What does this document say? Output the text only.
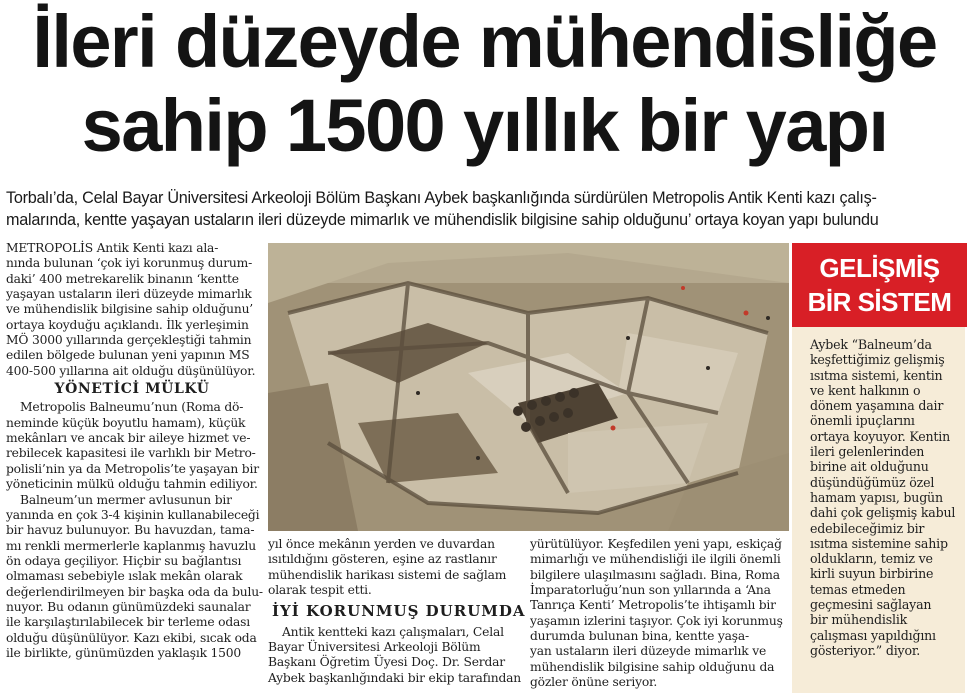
İleri düzeyde mühendisliğe
sahip 1500 yıllık bir yapı
Torbalı’da, Celal Bayar Üniversitesi Arkeoloji Bölüm Başkanı Aybek başkanlığında sürdürülen Metropolis Antik Kenti kazı çalış-
malarında, kentte yaşayan ustaların ileri düzeyde mimarlık ve mühendislik bilgisine sahip olduğunu’ ortaya koyan yapı bulundu

METROPOLİS Antik Kenti kazı ala-

nında bulunan ‘çok iyi korunmuş durum-

daki’ 400 metrekarelik binanın ‘kentte

yaşayan ustaların ileri düzeyde mimarlık

ve mühendislik bilgisine sahip olduğunu’

ortaya koyduğu açıklandı. İlk yerleşimin

MÖ 3000 yıllarında gerçekleştiği tahmin

edilen bölgede bulunan yeni yapının MS

400-500 yıllarına ait olduğu düşünülüyor.

YÖNETİCİ MÜLKÜ

Metropolis Balneumu’nun (Roma dö-

neminde küçük boyutlu hamam), küçük

mekânları ve ancak bir aileye hizmet ve-

rebilecek kapasitesi ile varlıklı bir Metro-

polisli’nin ya da Metropolis’te yaşayan bir

yöneticinin mülkü olduğu tahmin ediliyor.

Balneum’un mermer avlusunun bir

yanında en çok 3-4 kişinin kullanabileceği

bir havuz bulunuyor. Bu havuzdan, tama-

mı renkli mermerlerle kaplanmış havuzlu

ön odaya geçiliyor. Hiçbir su bağlantısı

olmaması sebebiyle ıslak mekân olarak

değerlendirilmeyen bir başka oda da bulu-

nuyor. Bu odanın günümüzdeki saunalar

ile karşılaştırılabilecek bir terleme odası

olduğu düşünülüyor. Kazı ekibi, sıcak oda

ile birlikte, günümüzden yaklaşık 1500

yıl önce mekânın yerden ve duvardan

ısıtıldığını gösteren, eşine az rastlanır

mühendislik harikası sistemi de sağlam

olarak tespit etti.

İYİ KORUNMUŞ DURUMDA

Antik kentteki kazı çalışmaları, Celal

Bayar Üniversitesi Arkeoloji Bölüm

Başkanı Öğretim Üyesi Doç. Dr. Serdar

Aybek başkanlığındaki bir ekip tarafından

yürütülüyor. Keşfedilen yeni yapı, eskiçağ

mimarlığı ve mühendisliği ile ilgili önemli

bilgilere ulaşılmasını sağladı. Bina, Roma

İmparatorluğu’nun son yıllarında a ‘Ana

Tanrıça Kenti’ Metropolis’te ihtişamlı bir

yaşamın izlerini taşıyor. Çok iyi korunmuş

durumda bulunan bina, kentte yaşa-

yan ustaların ileri düzeyde mimarlık ve

mühendislik bilgisine sahip olduğunu da

gözler önüne seriyor.

GELİŞMİŞ
BİR SİSTEM

Aybek “Balneum’da

keşfettiğimiz gelişmiş

ısıtma sistemi, kentin

ve kent halkının o

dönem yaşamına dair

önemli ipuçlarını

ortaya koyuyor. Kentin

ileri gelenlerinden

birine ait olduğunu

düşündüğümüz özel

hamam yapısı, bugün

dahi çok gelişmiş kabul

edebileceğimiz bir

ısıtma sistemine sahip

oldukların, temiz ve

kirli suyun birbirine

temas etmeden

geçmesini sağlayan

bir mühendislik

çalışması yapıldığını

gösteriyor.” diyor.
